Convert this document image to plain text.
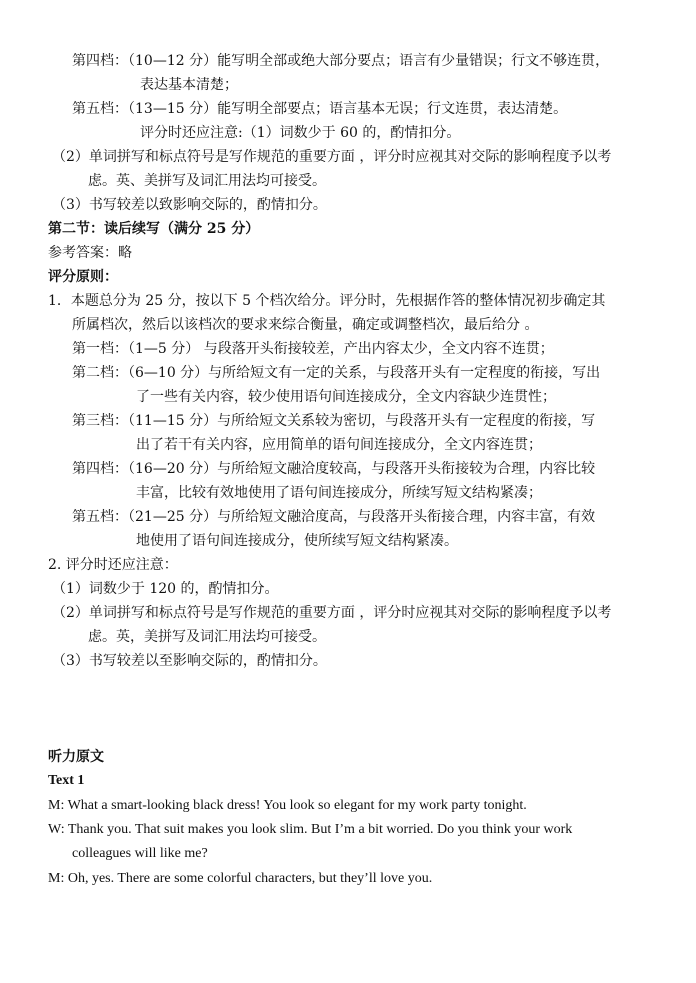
第四档：（10—12 分）能写明全部或绝大部分要点；语言有少量错误；行文不够连贯，
表达基本清楚；
第五档：（13—15 分）能写明全部要点；语言基本无误；行文连贯，表达清楚。
评分时还应注意:（1）词数少于 60 的，酌情扣分。
（2）单词拼写和标点符号是写作规范的重要方面 ，评分时应视其对交际的影响程度予以考
虑。英、美拼写及词汇用法均可接受。
（3）书写较差以致影响交际的，酌情扣分。
第二节：读后续写（满分 25 分）
参考答案：略
评分原则：
1．本题总分为 25 分，按以下 5 个档次给分。评分时，先根据作答的整体情况初步确定其
所属档次，然后以该档次的要求来综合衡量，确定或调整档次，最后给分 。
第一档：（1—5 分） 与段落开头衔接较差，产出内容太少，全文内容不连贯；
第二档：（6—10 分）与所给短文有一定的关系，与段落开头有一定程度的衔接，写出
了一些有关内容，较少使用语句间连接成分，全文内容缺少连贯性；
第三档：（11—15 分）与所给短文关系较为密切，与段落开头有一定程度的衔接，写
出了若干有关内容，应用简单的语句间连接成分，全文内容连贯；
第四档：（16—20 分）与所给短文融洽度较高，与段落开头衔接较为合理，内容比较
丰富，比较有效地使用了语句间连接成分，所续写短文结构紧凑；
第五档：（21—25 分）与所给短文融洽度高，与段落开头衔接合理，内容丰富，有效
地使用了语句间连接成分，使所续写短文结构紧凑。
2. 评分时还应注意：
（1）词数少于 120 的，酌情扣分。
（2）单词拼写和标点符号是写作规范的重要方面 ，评分时应视其对交际的影响程度予以考
虑。英，美拼写及词汇用法均可接受。
（3）书写较差以至影响交际的，酌情扣分。
听力原文
Text 1
M: What a smart-looking black dress! You look so elegant for my work party tonight.
W: Thank you. That suit makes you look slim. But I’m a bit worried. Do you think your work
colleagues will like me?
M: Oh, yes. There are some colorful characters, but they’ll love you.
